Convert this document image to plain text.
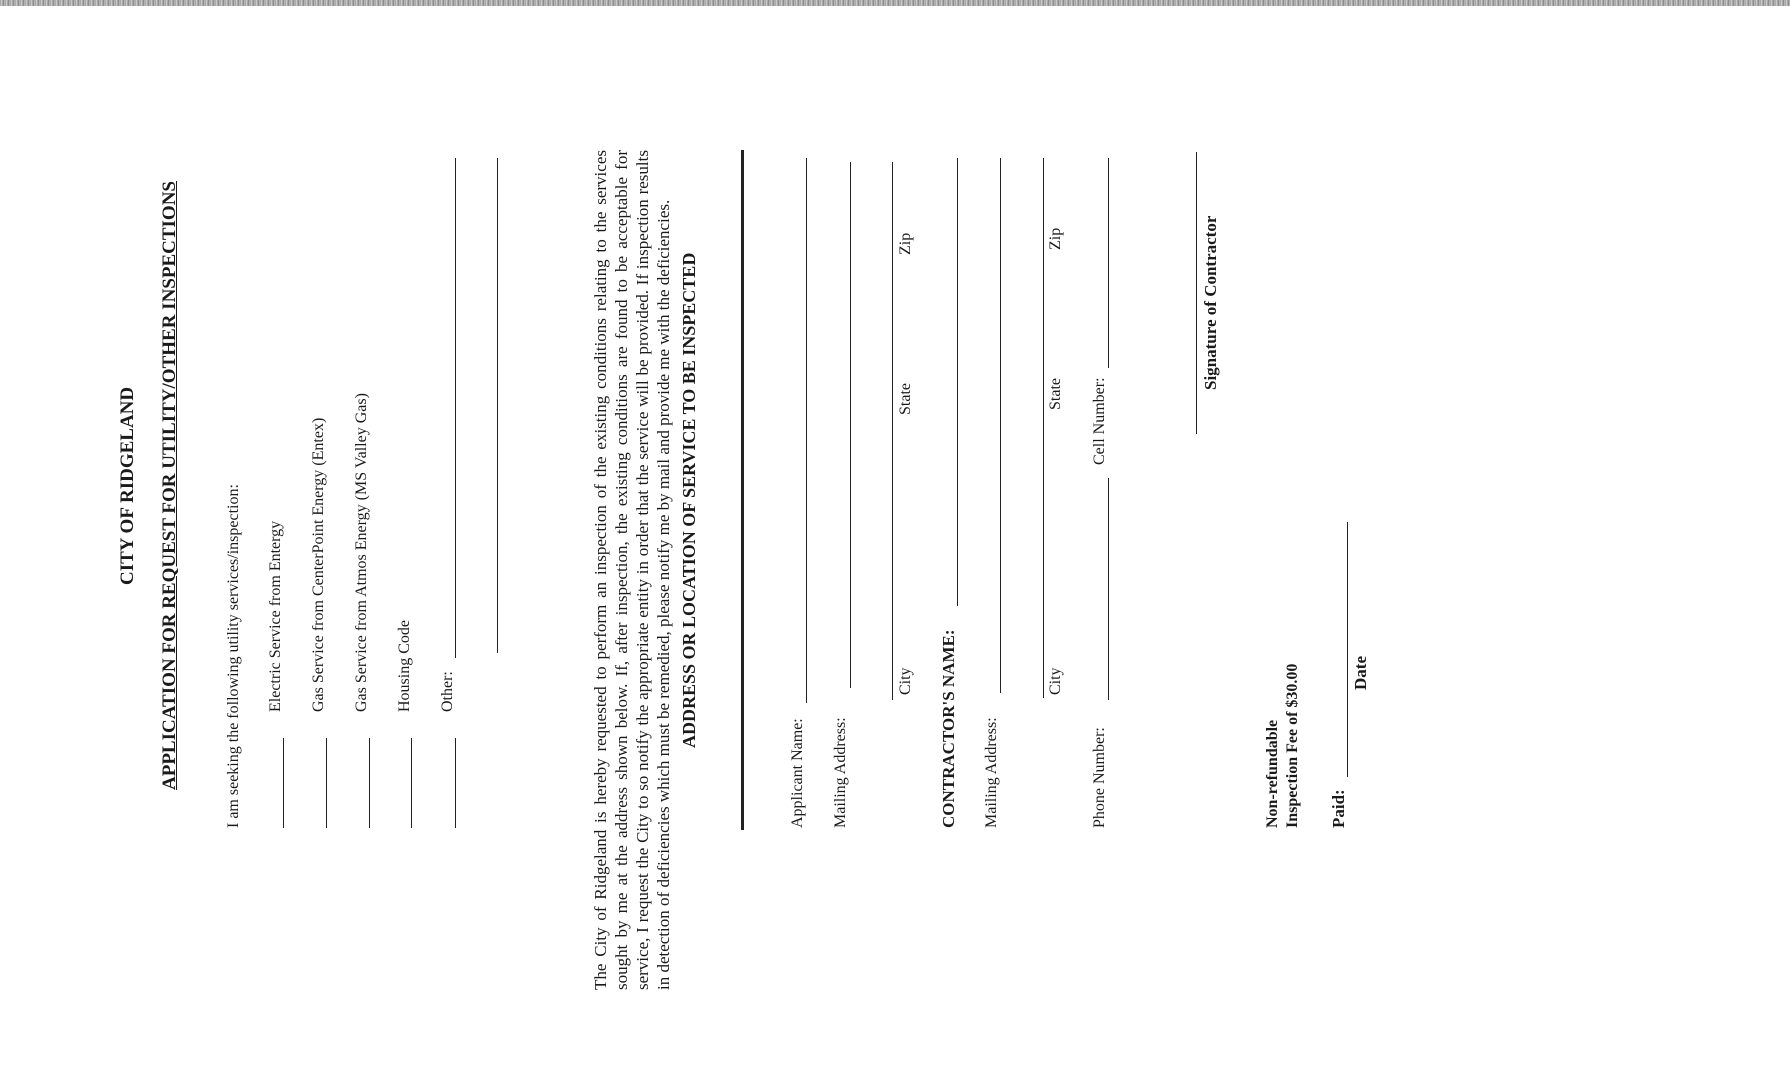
CITY OF RIDGELAND APPLICATION FOR REQUEST FOR UTILITY/OTHER INSPECTIONS	I am seeking the following utility services/inspection: Electric Service from Entergy Gas Service from CenterPoint Energy (Entex) Gas Service from Atmos Energy (MS Valley Gas) Housing Code Other:	The City of Ridgeland is hereby requested to perform an inspection of the existing conditions relating to the services sought by me at the address shown below. If, after inspection, the existing conditions are found to be acceptable for service, I request the City to so notify the appropriate entity in order that the service will be provided. If inspection results in detection of deficiencies which must be remedied, please notify me by mail and provide me with the deficiencies. ADDRESS OR LOCATION OF SERVICE TO BE INSPECTED
Applicant Name: Mailing Address:
City
State
Zip
CONTRACTOR'S NAME: Mailing Address:
City
State
Zip
Phone Number:
Cell Number:
Signature of Contractor
Non-refundable Inspection Fee of $30.00 Paid:
Date
